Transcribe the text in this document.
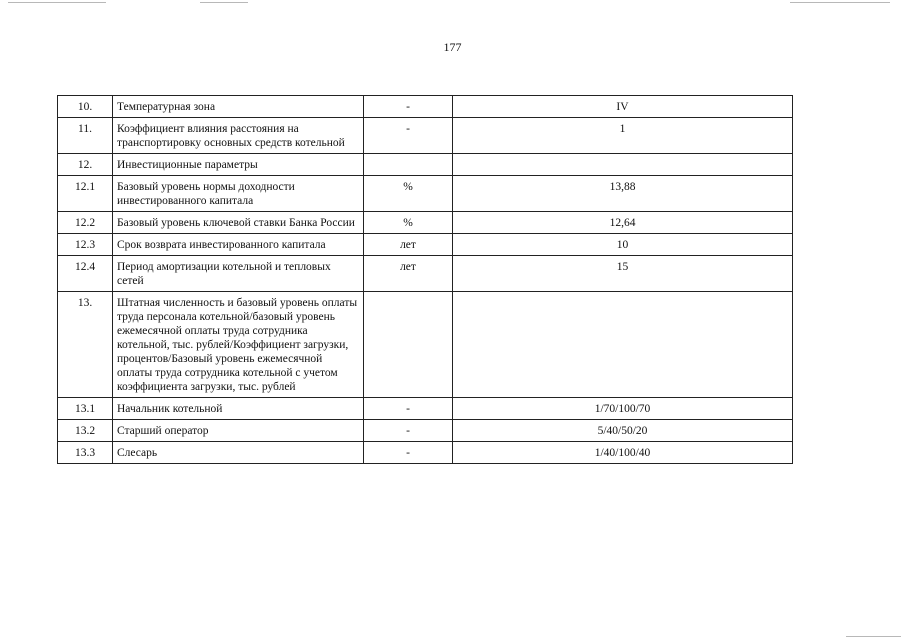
177
10.	Температурная зона	-	IV
11.	Коэффициент влияния расстояния на транспортировку основных средств котельной	-	1
12.	Инвестиционные параметры		
12.1	Базовый уровень нормы доходности инвестированного капитала	%	13,88
12.2	Базовый уровень ключевой ставки Банка России	%	12,64
12.3	Срок возврата инвестированного капитала	лет	10
12.4	Период амортизации котельной и тепловых сетей	лет	15
13.	Штатная численность и базовый уровень оплаты труда персонала котельной/базовый уровень ежемесячной оплаты труда сотрудника котельной, тыс. рублей/Коэффициент загрузки, процентов/Базовый уровень ежемесячной оплаты труда сотрудника котельной с учетом коэффициента загрузки, тыс. рублей		
13.1	Начальник котельной	-	1/70/100/70
13.2	Старший оператор	-	5/40/50/20
13.3	Слесарь	-	1/40/100/40
